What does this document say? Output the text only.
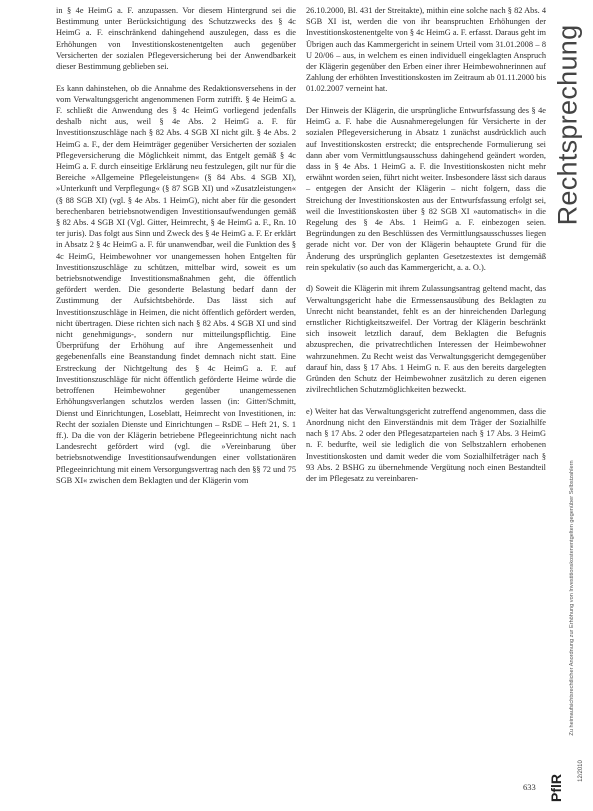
in § 4e HeimG a. F. anzupassen. Vor diesem Hintergrund sei die Bestimmung unter Berücksichtigung des Schutzzwecks des § 4c HeimG a. F. einschränkend dahingehend auszulegen, dass es die Erhöhungen von Investitionskostenentgelten auch gegenüber Versicherten der sozialen Pflegeversicherung bei der Anwendbarkeit dieser Bestimmung geblieben sei.

Es kann dahinstehen, ob die Annahme des Redaktionsversehens in der vom Verwaltungsgericht angenommenen Form zutrifft. § 4e HeimG a. F. schließt die Anwendung des § 4c HeimG vorliegend jedenfalls deshalb nicht aus, weil § 4e Abs. 2 HeimG a. F. für Investitionszuschläge nach § 82 Abs. 4 SGB XI nicht gilt. § 4e Abs. 2 HeimG a. F., der dem Heimträger gegenüber Versicherten der sozialen Pflegeversicherung die Möglichkeit nimmt, das Entgelt gemäß § 4c HeimG a. F. durch einseitige Erklärung neu festzulegen, gilt nur für die Bereiche »Allgemeine Pflegeleistungen« (§ 84 Abs. 4 SGB XI), »Unterkunft und Verpflegung« (§ 87 SGB XI) und »Zusatzleistungen« (§ 88 SGB XI) (vgl. § 4e Abs. 1 HeimG), nicht aber für die gesondert berechenbaren betriebsnotwendigen Investitionsaufwendungen gemäß § 82 Abs. 4 SGB XI (Vgl. Gitter, Heimrecht, § 4e HeimG a. F., Rn. 10 ter juris). Das folgt aus Sinn und Zweck des § 4e HeimG a. F. Er erklärt in Absatz 2 § 4c HeimG a. F. für unanwendbar, weil die Funktion des § 4c HeimG, Heimbewohner vor unangemessen hohen Entgelten für Investitionszuschläge zu schützen, mittelbar wird, soweit es um betriebsnotwendige Investitionsmaßnahmen geht, die öffentlich gefördert werden. Die gesonderte Belastung bedarf dann der Zustimmung der Aufsichtsbehörde. Das lässt sich auf Investitionszuschläge in Heimen, die nicht öffentlich gefördert werden, nicht übertragen. Diese richten sich nach § 82 Abs. 4 SGB XI und sind nicht genehmigungs-, sondern nur mitteilungspflichtig. Eine Überprüfung der Erhöhung auf ihre Angemessenheit und gegebenenfalls eine Beanstandung findet demnach nicht statt. Eine Erstreckung der Nichtgeltung des § 4c HeimG a. F. auf Investitionszuschläge für nicht öffentlich geförderte Heime würde die betroffenen Heimbewohner gegenüber unangemessenen Erhöhungsverlangen schutzlos werden lassen (in: Gitter/Schmitt, Dienst und Einrichtungen, Loseblatt, Heimrecht von Investitionen, in: Recht der sozialen Dienste und Einrichtungen – RsDE – Heft 21, S. 1 ff.). Da die von der Klägerin betriebene Pflegeeinrichtung nicht nach Landesrecht gefördert wird (vgl. die »Vereinbarung über betriebsnotwendige Investitionsaufwendungen einer vollstationären Pflegeeinrichtung mit einem Versorgungsvertrag nach den §§ 72 und 75 SGB XI« zwischen dem Beklagten und der Klägerin vom

26.10.2000, Bl. 431 der Streitakte), mithin eine solche nach § 82 Abs. 4 SGB XI ist, werden die von ihr beanspruchten Erhöhungen der Investitionskostenentgelte von § 4c HeimG a. F. erfasst. Daraus geht im Übrigen auch das Kammergericht in seinem Urteil vom 31.01.2008 – 8 U 20/06 – aus, in welchem es einen individuell eingeklagten Anspruch der Klägerin gegenüber den Erben einer ihrer Heimbewohnerinnen auf Zahlung der erhöhten Investitionskosten im Zeitraum ab 01.11.2000 bis 01.02.2007 verneint hat.

Der Hinweis der Klägerin, die ursprüngliche Entwurfsfassung des § 4e HeimG a. F. habe die Ausnahmeregelungen für Versicherte in der sozialen Pflegeversicherung in Absatz 1 zunächst ausdrücklich auch auf Investitionskosten erstreckt; die entsprechende Formulierung sei dann aber vom Vermittlungsausschuss dahingehend geändert worden, dass in § 4e Abs. 1 HeimG a. F. die Investitionskosten nicht mehr erwähnt worden seien, führt nicht weiter. Insbesondere lässt sich daraus – entgegen der Ansicht der Klägerin – nicht folgern, dass die Streichung der Investitionskosten aus der Entwurfsfassung erfolgt sei, weil die Investitionskosten über § 82 SGB XI »automatisch« in die Regelung des § 4e Abs. 1 HeimG a. F. einbezogen seien. Begründungen zu den Beschlüssen des Vermittlungsausschusses liegen gerade nicht vor. Der von der Klägerin behauptete Grund für die Änderung des ursprünglich geplanten Gesetzestextes ist demgemäß rein spekulativ (so auch das Kammergericht, a. a. O.).

d) Soweit die Klägerin mit ihrem Zulassungsantrag geltend macht, das Verwaltungsgericht habe die Ermessensausübung des Beklagten zu Unrecht nicht beanstandet, fehlt es an der hinreichenden Darlegung ernstlicher Richtigkeitszweifel. Der Vortrag der Klägerin beschränkt sich insoweit letztlich darauf, dem Beklagten die Befugnis abzusprechen, die privatrechtlichen Interessen der Heimbewohner wahrzunehmen. Zu Recht weist das Verwaltungsgericht demgegenüber darauf hin, dass § 17 Abs. 1 HeimG n. F. aus den bereits dargelegten Gründen den Schutz der Heimbewohner zusätzlich zu deren eigenen zivilrechtlichen Schutzmöglichkeiten bezweckt.

e) Weiter hat das Verwaltungsgericht zutreffend angenommen, dass die Anordnung nicht den Einverständnis mit dem Träger der Sozialhilfe nach § 17 Abs. 2 oder den Pflegesatzparteien nach § 17 Abs. 3 HeimG n. F. bedurfte, weil sie lediglich die von Selbstzahlern erhobenen Investitionskosten und damit weder die vom Sozialhilfeträger nach § 93 Abs. 2 BSHG zu übernehmende Vergütung noch einen Bestandteil der im Pflegesatz zu vereinbaren-

Rechtsprechung
Zu heimaufsichtsrechtlicher Anordnung zur Erhöhung von Investitionskostenentgelten gegenüber Selbstzahlern
PflR
12/2010
633
